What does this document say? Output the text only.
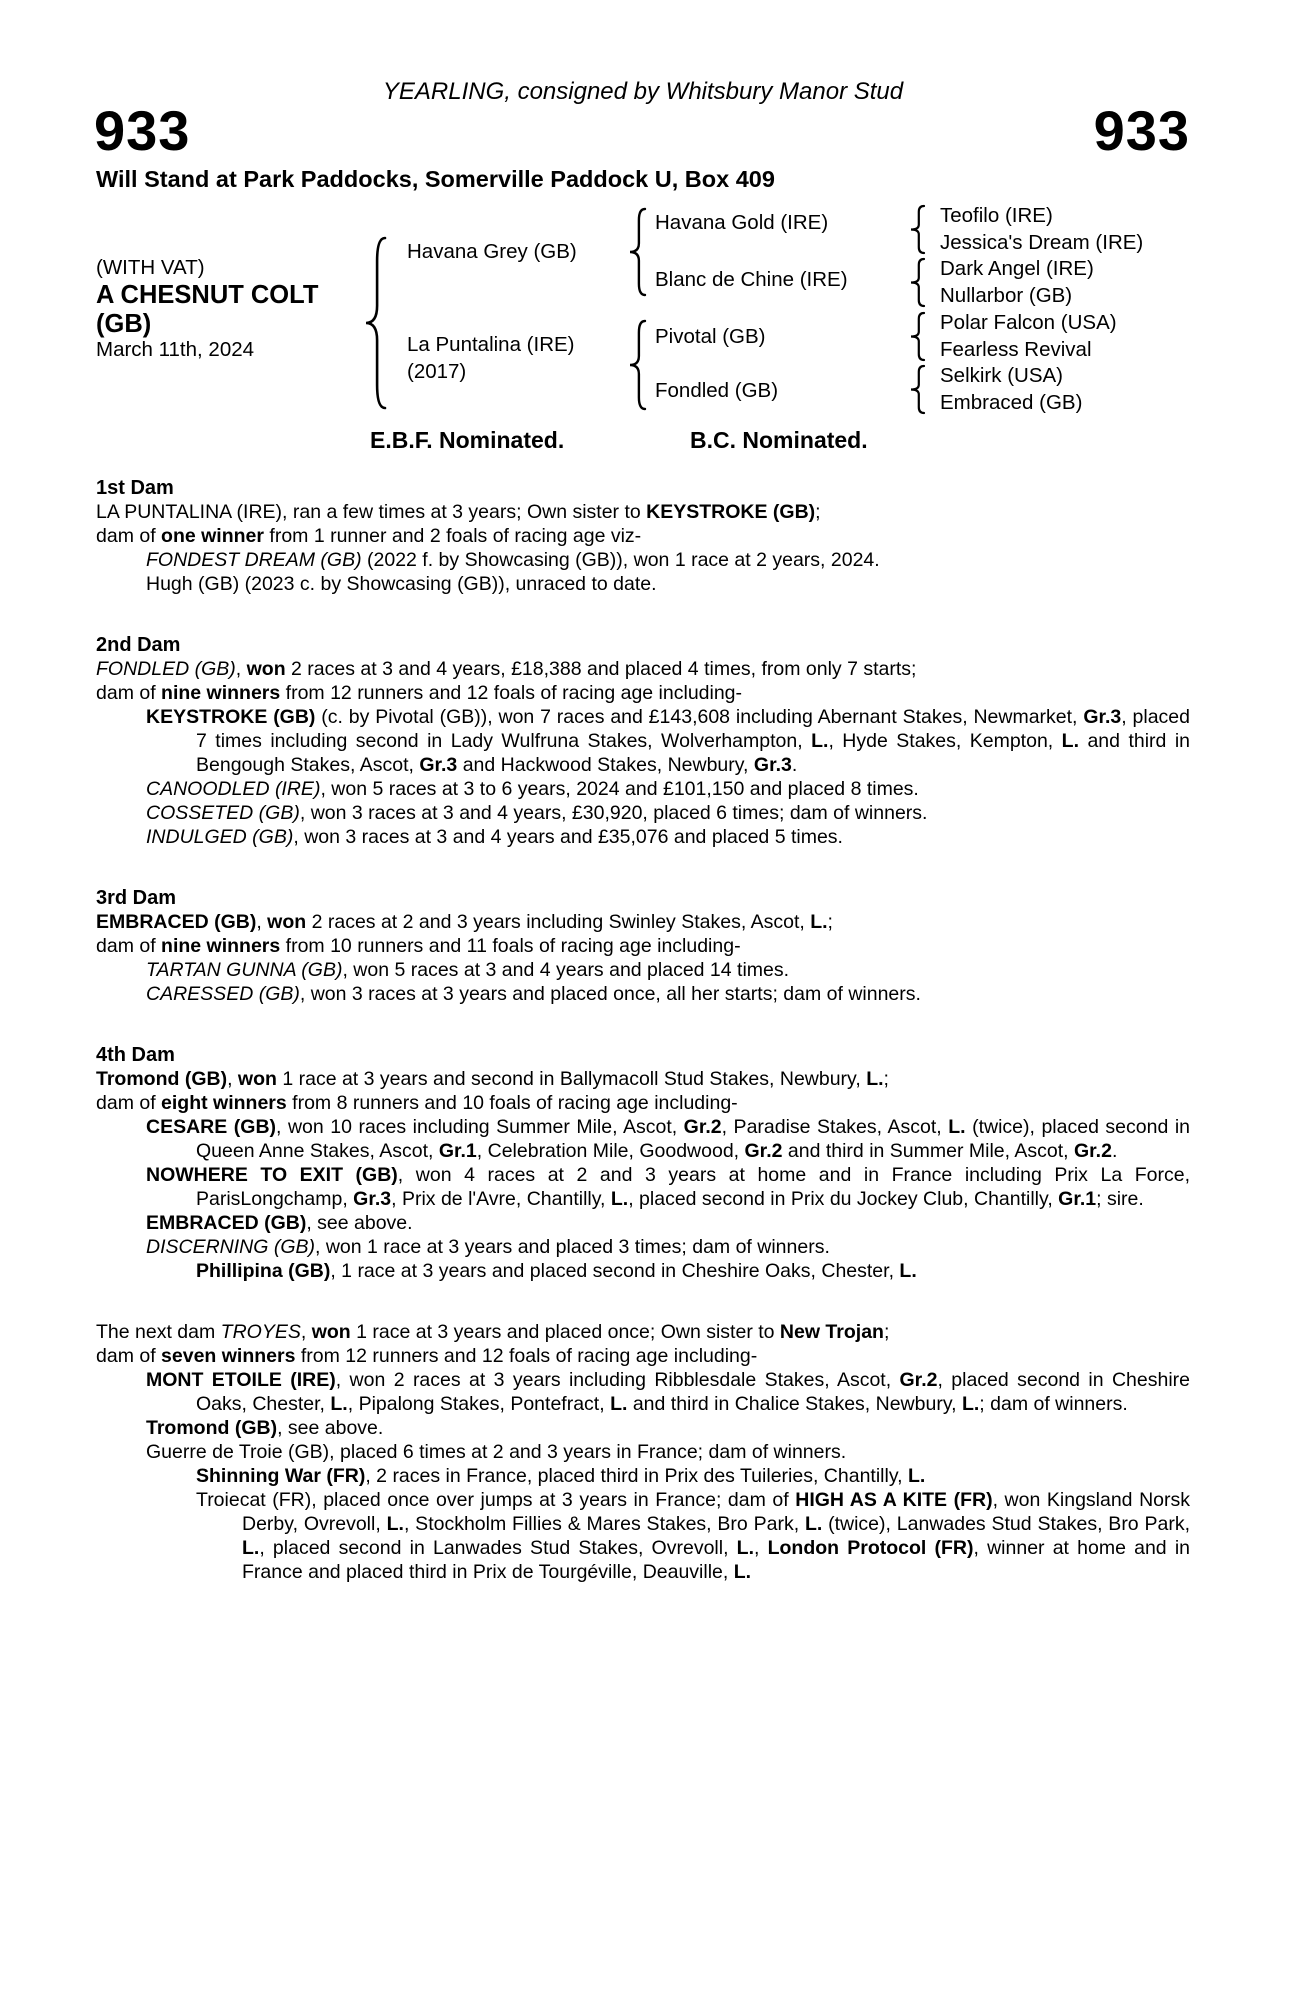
YEARLING, consigned by Whitsbury Manor Stud
933	933
Will Stand at Park Paddocks, Somerville Paddock U, Box 409
(WITH VAT)
A CHESNUT COLT
(GB)
March 11th, 2024
Havana Grey (GB)
La Puntalina (IRE)
(2017)
Havana Gold (IRE)
Blanc de Chine (IRE)
Pivotal (GB)
Fondled (GB)
Teofilo (IRE)
Jessica's Dream (IRE)
Dark Angel (IRE)
Nullarbor (GB)
Polar Falcon (USA)
Fearless Revival
Selkirk (USA)
Embraced (GB)
E.B.F. Nominated.	B.C. Nominated.
1st Dam

LA PUNTALINA (IRE), ran a few times at 3 years; Own sister to KEYSTROKE (GB);

dam of one winner from 1 runner and 2 foals of racing age viz-

FONDEST DREAM (GB) (2022 f. by Showcasing (GB)), won 1 race at 2 years, 2024.

Hugh (GB) (2023 c. by Showcasing (GB)), unraced to date.

2nd Dam

FONDLED (GB), won 2 races at 3 and 4 years, £18,388 and placed 4 times, from only 7 starts;

dam of nine winners from 12 runners and 12 foals of racing age including-

KEYSTROKE (GB) (c. by Pivotal (GB)), won 7 races and £143,608 including Abernant Stakes, Newmarket, Gr.3, placed 7 times including second in Lady Wulfruna Stakes, Wolverhampton, L., Hyde Stakes, Kempton, L. and third in Bengough Stakes, Ascot, Gr.3 and Hackwood Stakes, Newbury, Gr.3.

CANOODLED (IRE), won 5 races at 3 to 6 years, 2024 and £101,150 and placed 8 times.

COSSETED (GB), won 3 races at 3 and 4 years, £30,920, placed 6 times; dam of winners.

INDULGED (GB), won 3 races at 3 and 4 years and £35,076 and placed 5 times.

3rd Dam

EMBRACED (GB), won 2 races at 2 and 3 years including Swinley Stakes, Ascot, L.;

dam of nine winners from 10 runners and 11 foals of racing age including-

TARTAN GUNNA (GB), won 5 races at 3 and 4 years and placed 14 times.

CARESSED (GB), won 3 races at 3 years and placed once, all her starts; dam of winners.

4th Dam

Tromond (GB), won 1 race at 3 years and second in Ballymacoll Stud Stakes, Newbury, L.;

dam of eight winners from 8 runners and 10 foals of racing age including-

CESARE (GB), won 10 races including Summer Mile, Ascot, Gr.2, Paradise Stakes, Ascot, L. (twice), placed second in Queen Anne Stakes, Ascot, Gr.1, Celebration Mile, Goodwood, Gr.2 and third in Summer Mile, Ascot, Gr.2.

NOWHERE TO EXIT (GB), won 4 races at 2 and 3 years at home and in France including Prix La Force, ParisLongchamp, Gr.3, Prix de l'Avre, Chantilly, L., placed second in Prix du Jockey Club, Chantilly, Gr.1; sire.

EMBRACED (GB), see above.

DISCERNING (GB), won 1 race at 3 years and placed 3 times; dam of winners.

Phillipina (GB), 1 race at 3 years and placed second in Cheshire Oaks, Chester, L.

The next dam TROYES, won 1 race at 3 years and placed once; Own sister to New Trojan;

dam of seven winners from 12 runners and 12 foals of racing age including-

MONT ETOILE (IRE), won 2 races at 3 years including Ribblesdale Stakes, Ascot, Gr.2, placed second in Cheshire Oaks, Chester, L., Pipalong Stakes, Pontefract, L. and third in Chalice Stakes, Newbury, L.; dam of winners.

Tromond (GB), see above.

Guerre de Troie (GB), placed 6 times at 2 and 3 years in France; dam of winners.

Shinning War (FR), 2 races in France, placed third in Prix des Tuileries, Chantilly, L.

Troiecat (FR), placed once over jumps at 3 years in France; dam of HIGH AS A KITE (FR), won Kingsland Norsk Derby, Ovrevoll, L., Stockholm Fillies & Mares Stakes, Bro Park, L. (twice), Lanwades Stud Stakes, Bro Park, L., placed second in Lanwades Stud Stakes, Ovrevoll, L., London Protocol (FR), winner at home and in France and placed third in Prix de Tourgéville, Deauville, L.
